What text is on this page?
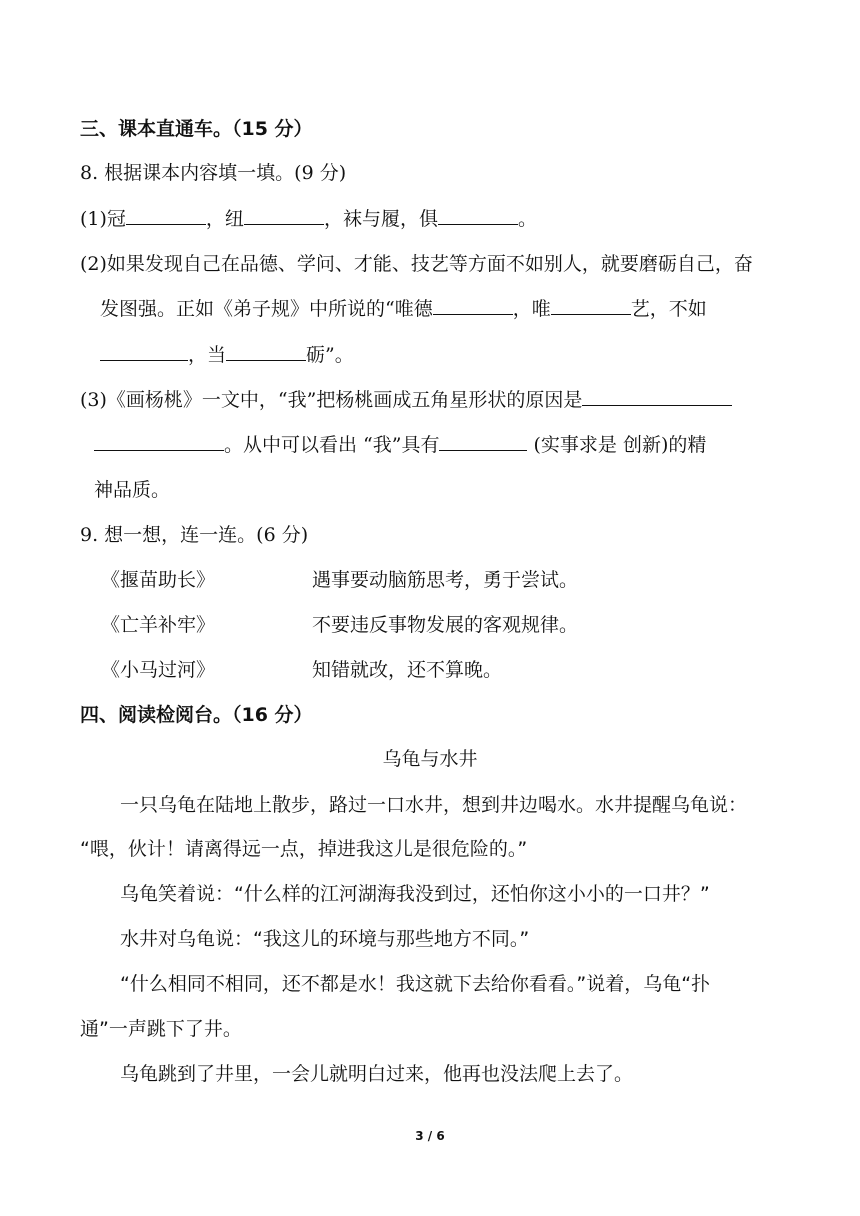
三、课本直通车。（15 分）
8. 根据课本内容填一填。(9 分)
(1)冠	，纽	，袜与履，俱	。
(2)如果发现自己在品德、学问、才能、技艺等方面不如别人，就要磨砺自己，奋
发图强。正如《弟子规》中所说的“唯德	，唯	艺，不如
，当	砺”。
(3)《画杨桃》一文中，“我”把杨桃画成五角星形状的原因是
。从中可以看出 “我”具有	(实事求是 创新)的精
神品质。
9. 想一想，连一连。(6 分)
《揠苗助长》	遇事要动脑筋思考，勇于尝试。
《亡羊补牢》	不要违反事物发展的客观规律。
《小马过河》	知错就改，还不算晚。
四、阅读检阅台。（16 分）
乌龟与水井
一只乌龟在陆地上散步，路过一口水井，想到井边喝水。水井提醒乌龟说：
“喂，伙计！请离得远一点，掉进我这儿是很危险的。”
乌龟笑着说：“什么样的江河湖海我没到过，还怕你这小小的一口井？”
水井对乌龟说：“我这儿的环境与那些地方不同。”
“什么相同不相同，还不都是水！我这就下去给你看看。”说着，乌龟“扑
通”一声跳下了井。
乌龟跳到了井里，一会儿就明白过来，他再也没法爬上去了。
3 / 6
